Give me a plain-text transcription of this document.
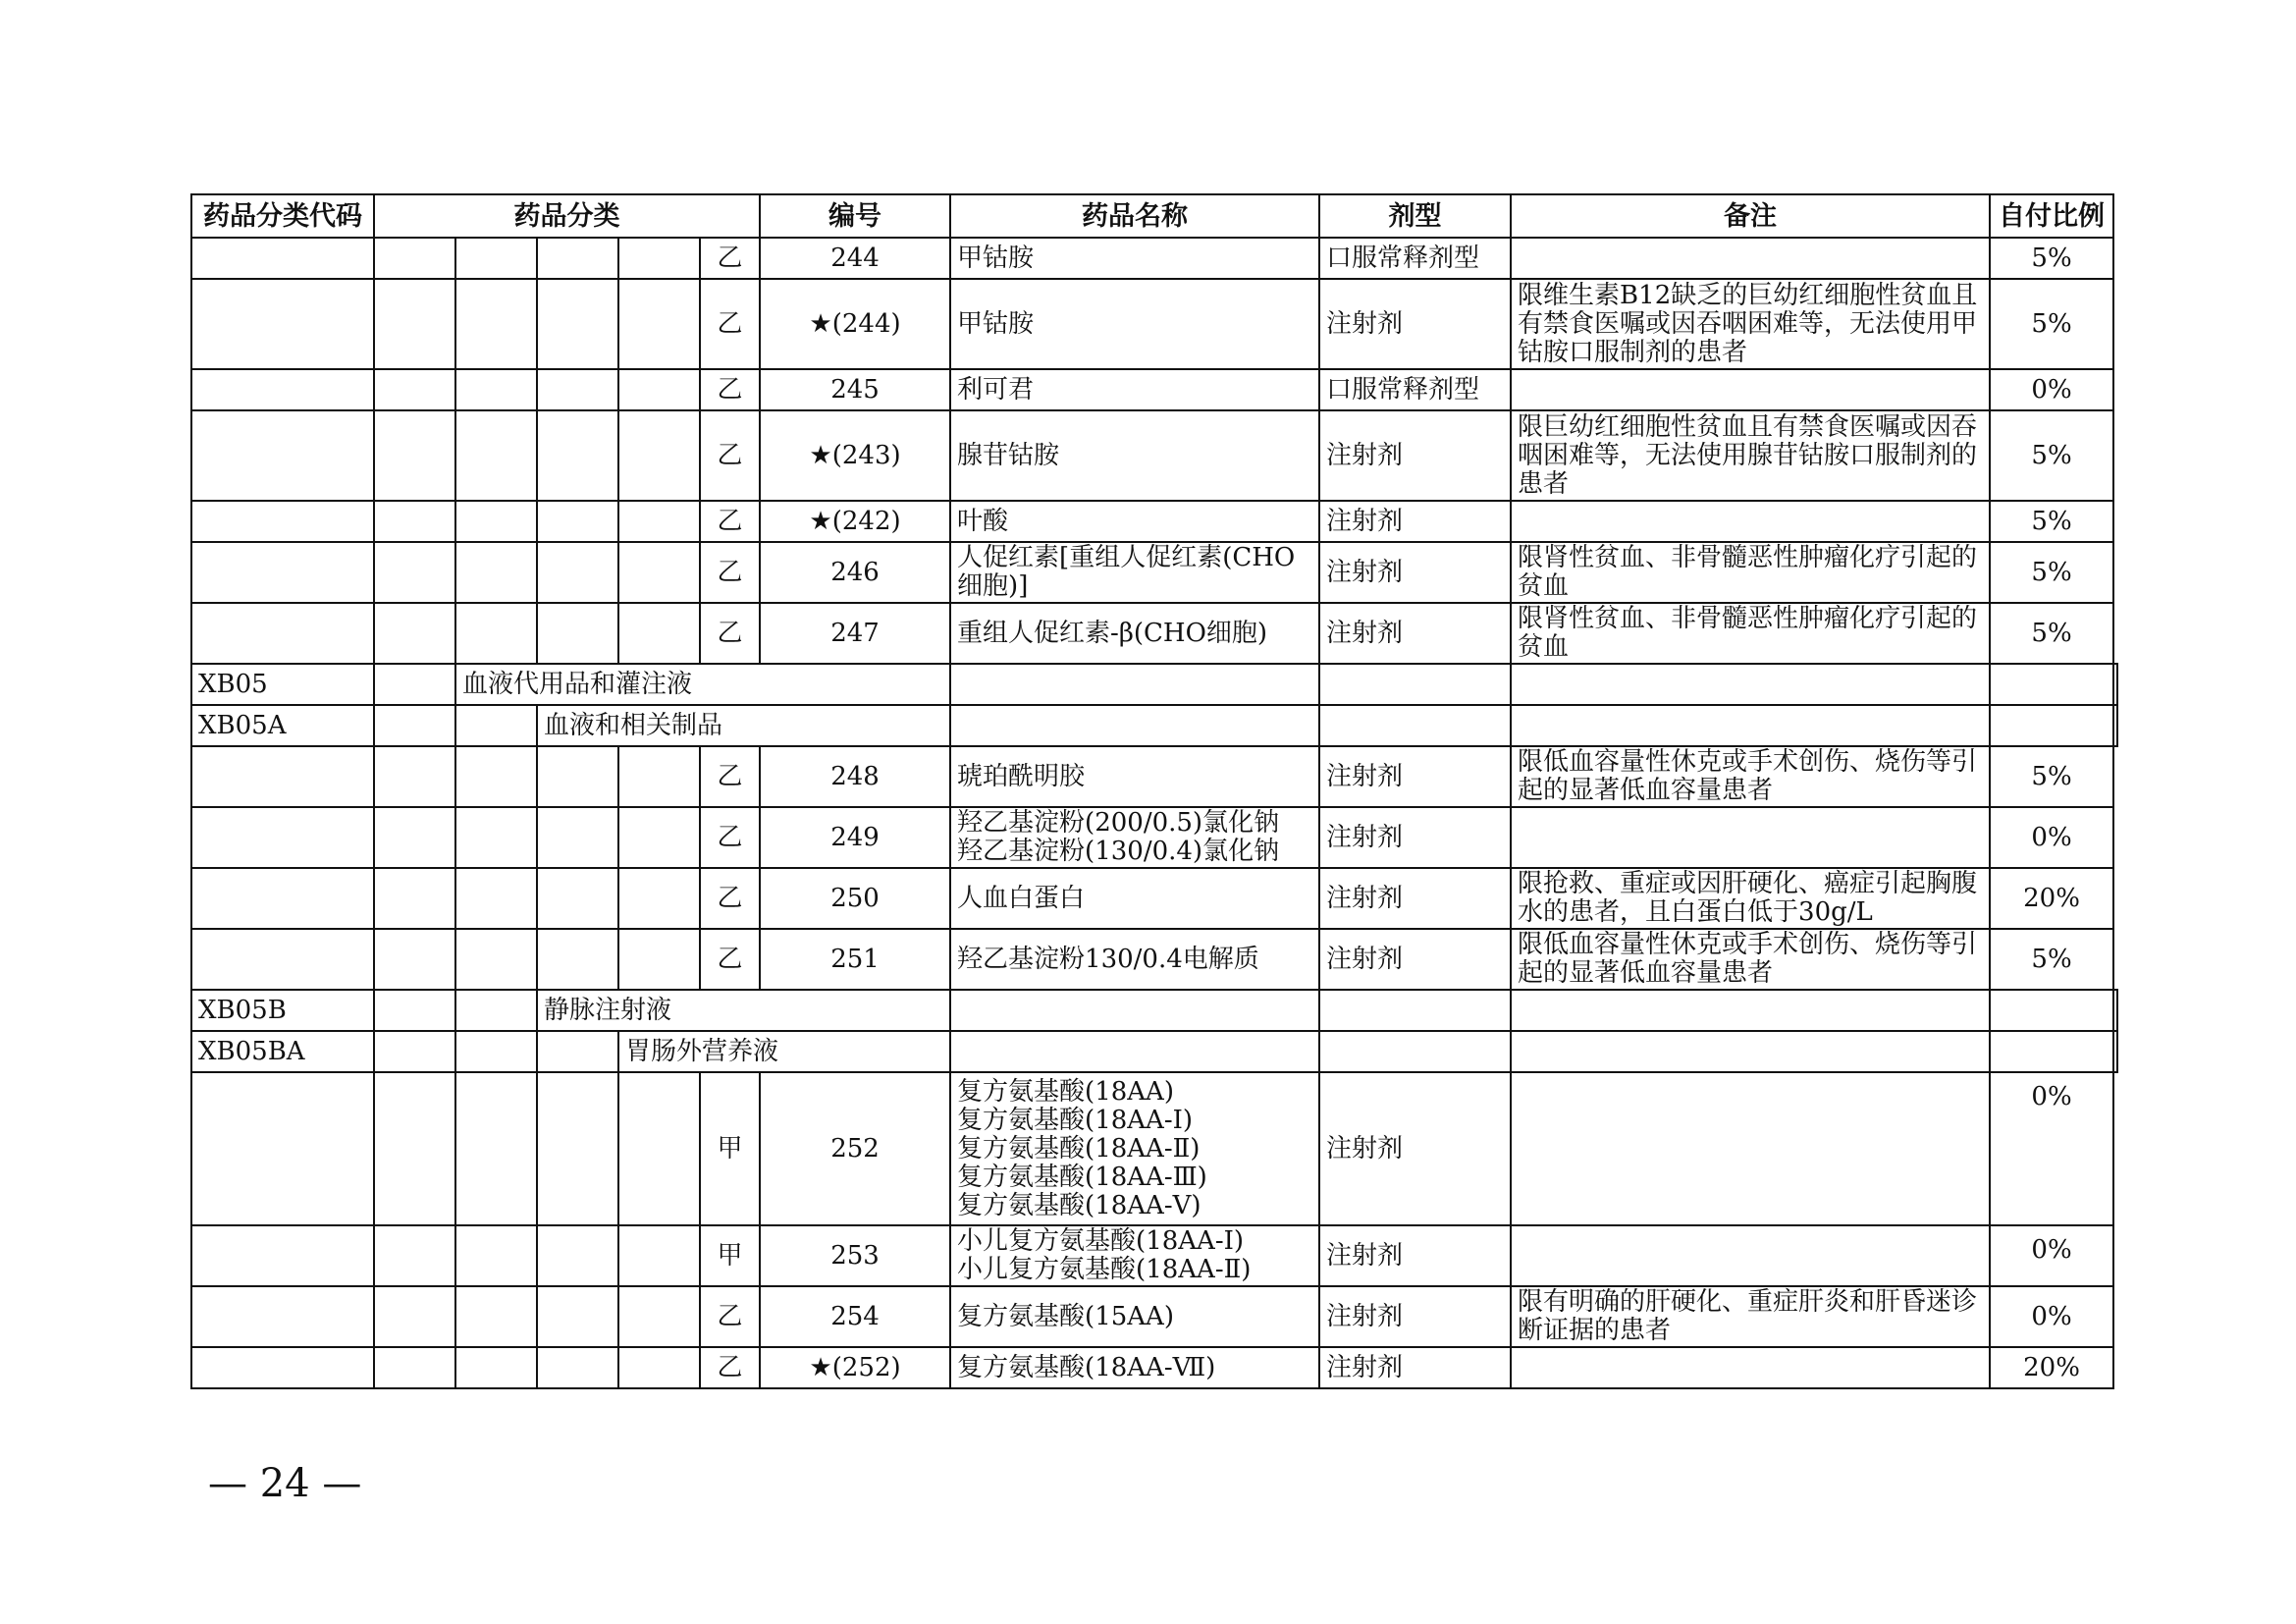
药品分类代码	药品分类					编号	药品名称	剂型	备注	自付比例	
					乙	244	甲钴胺	口服常释剂型		5%	
					乙	★(244)	甲钴胺	注射剂	限维生素B12缺乏的巨幼红细胞性贫血且有禁食医嘱或因吞咽困难等，无法使用甲钴胺口服制剂的患者	5%	
					乙	245	利可君	口服常释剂型		0%	
					乙	★(243)	腺苷钴胺	注射剂	限巨幼红细胞性贫血且有禁食医嘱或因吞咽困难等，无法使用腺苷钴胺口服制剂的患者	5%	
					乙	★(242)	叶酸	注射剂		5%	
					乙	246	人促红素[重组人促红素(CHO细胞)]	注射剂	限肾性贫血、非骨髓恶性肿瘤化疗引起的贫血	5%	
					乙	247	重组人促红素-β(CHO细胞)	注射剂	限肾性贫血、非骨髓恶性肿瘤化疗引起的贫血	5%	
XB05		血液代用品和灌注液									
XB05A			血液和相关制品								
					乙	248	琥珀酰明胶	注射剂	限低血容量性休克或手术创伤、烧伤等引起的显著低血容量患者	5%	
					乙	249	羟乙基淀粉(200/0.5)氯化钠
羟乙基淀粉(130/0.4)氯化钠	注射剂		0%	
					乙	250	人血白蛋白	注射剂	限抢救、重症或因肝硬化、癌症引起胸腹水的患者，且白蛋白低于30g/L	20%	
					乙	251	羟乙基淀粉130/0.4电解质	注射剂	限低血容量性休克或手术创伤、烧伤等引起的显著低血容量患者	5%	
XB05B			静脉注射液								
XB05BA				胃肠外营养液							
					甲	252	复方氨基酸(18AA)
复方氨基酸(18AA-Ⅰ)
复方氨基酸(18AA-Ⅱ)
复方氨基酸(18AA-Ⅲ)
复方氨基酸(18AA-Ⅴ)	注射剂		0%	
					甲	253	小儿复方氨基酸(18AA-Ⅰ)
小儿复方氨基酸(18AA-Ⅱ)	注射剂		0%	
					乙	254	复方氨基酸(15AA)	注射剂	限有明确的肝硬化、重症肝炎和肝昏迷诊断证据的患者	0%	
					乙	★(252)	复方氨基酸(18AA-Ⅶ)	注射剂		20%	
— 24 —
